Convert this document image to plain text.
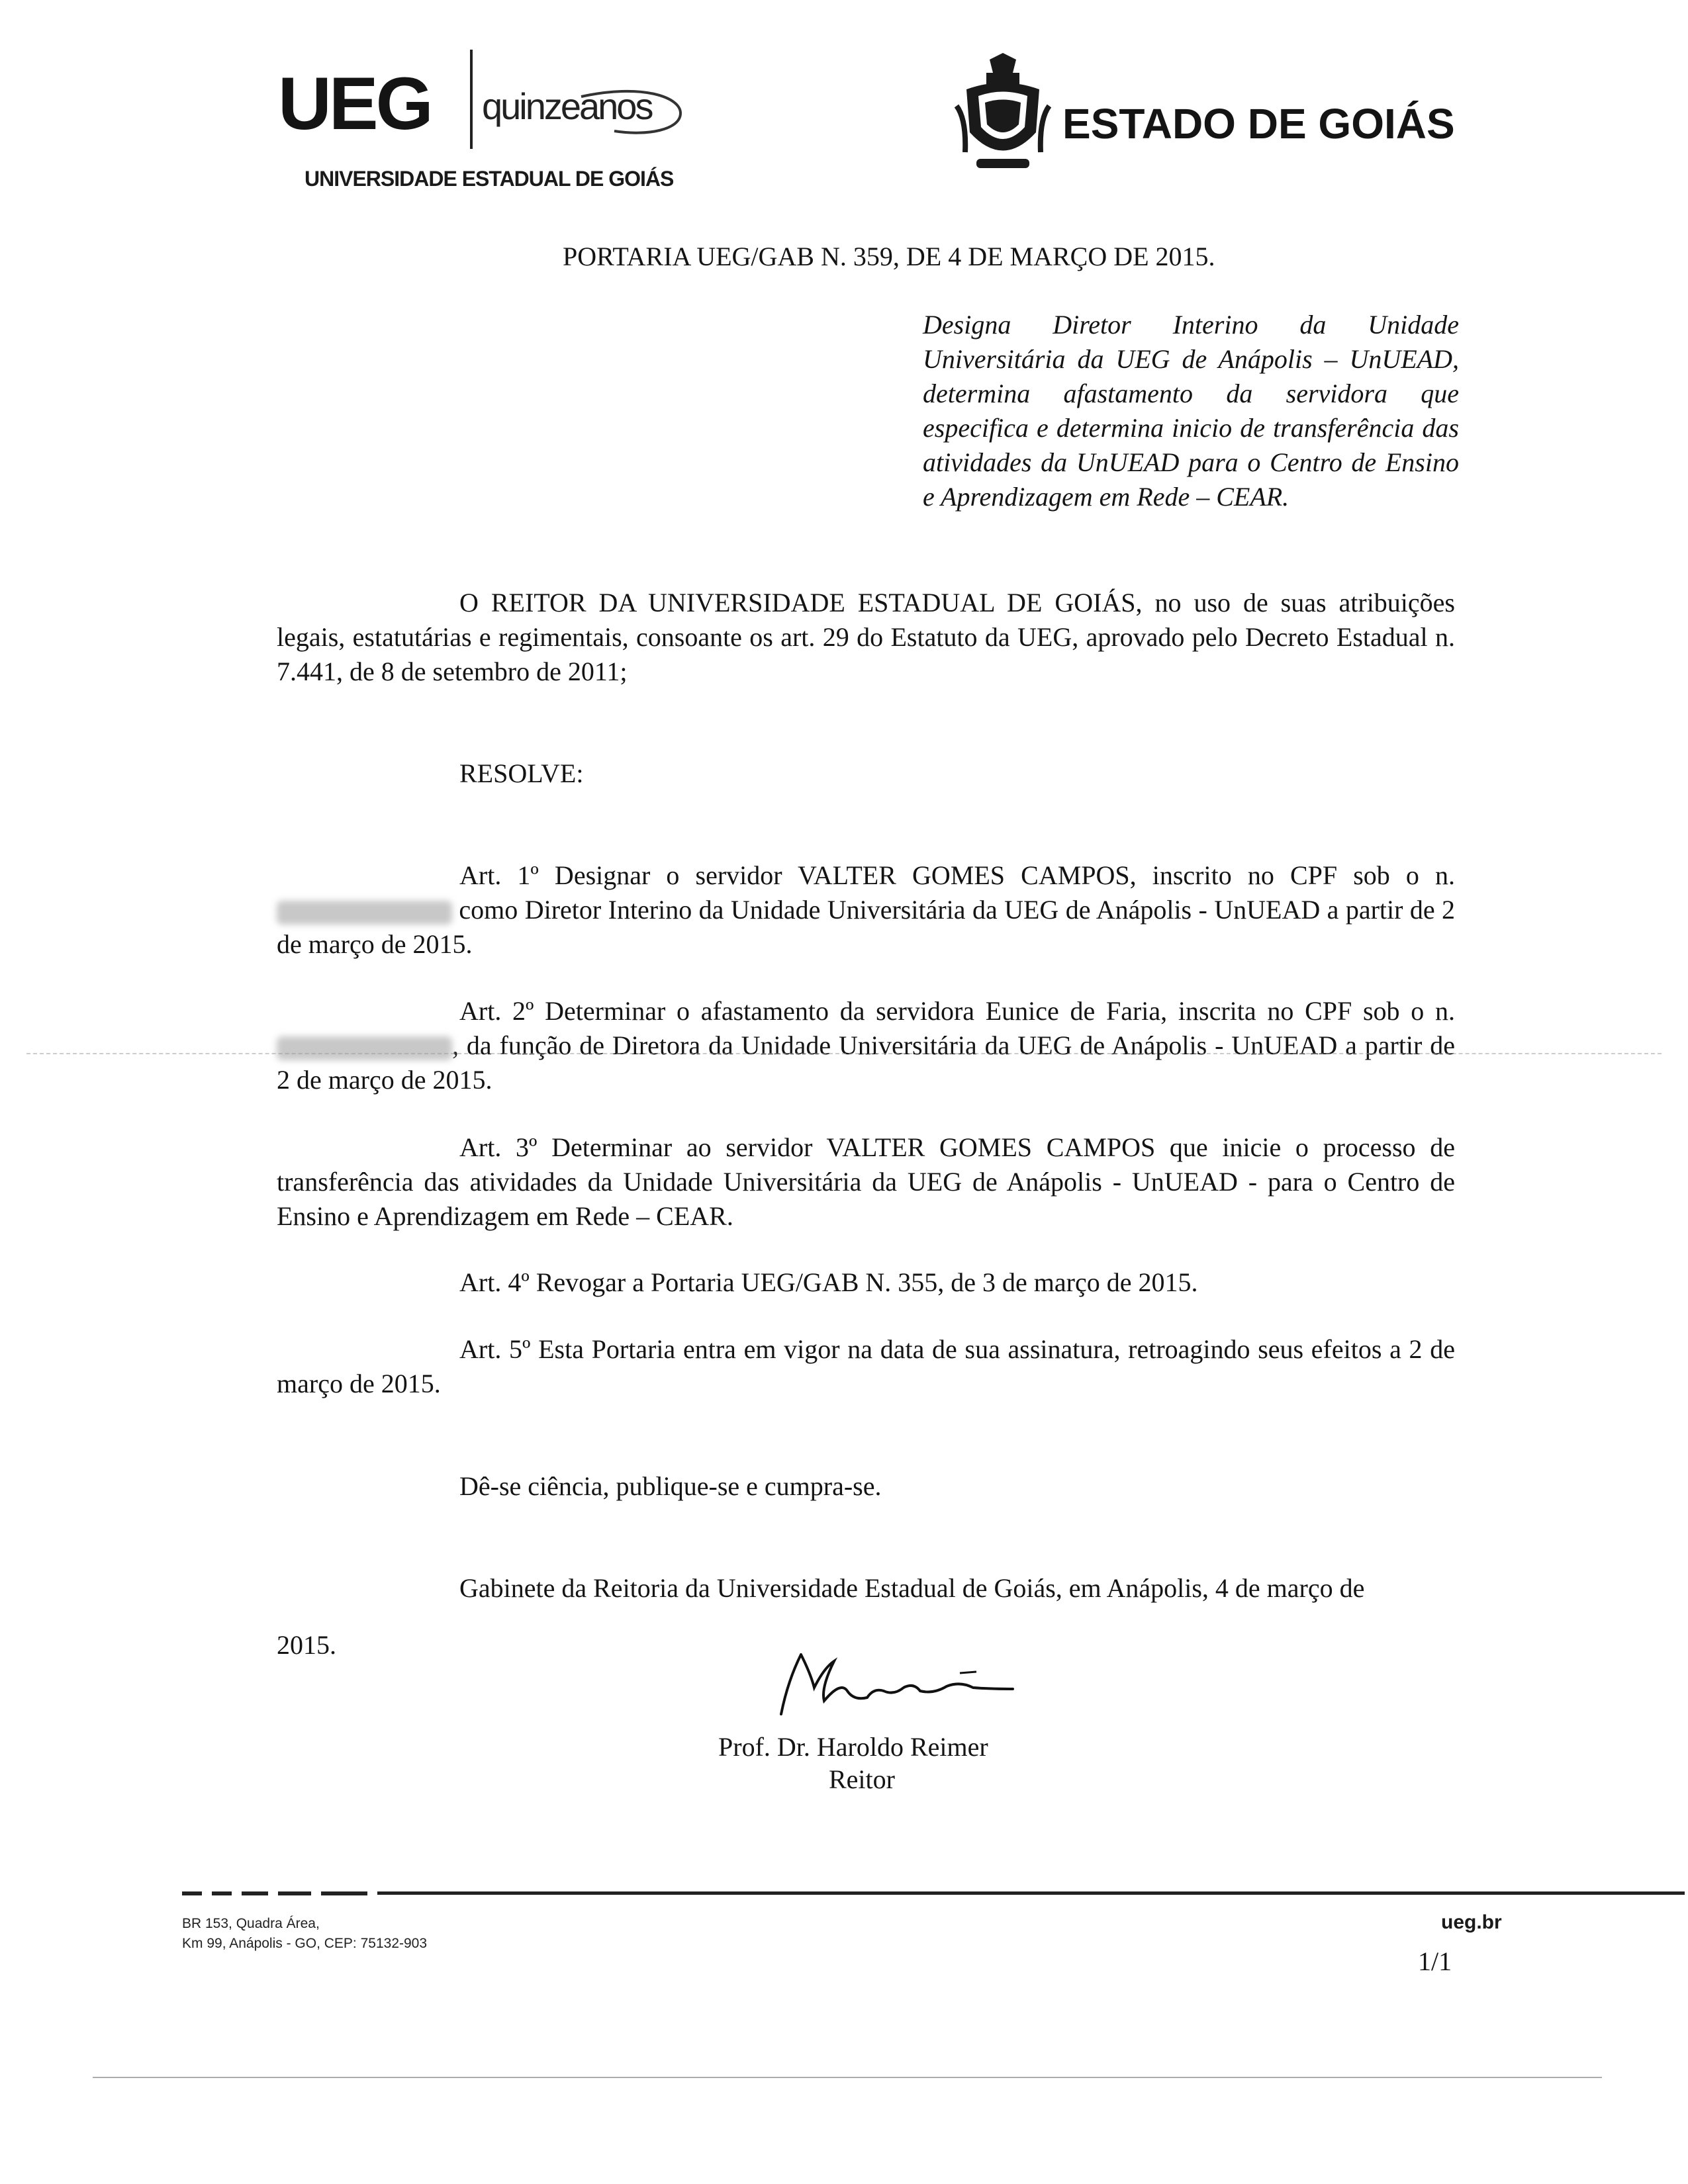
UEG quinzeanos
UNIVERSIDADE ESTADUAL DE GOIÁS
ESTADO DE GOIÁS
PORTARIA UEG/GAB N. 359, DE 4 DE MARÇO DE 2015.
Designa Diretor Interino da Unidade Universitária da UEG de Anápolis – UnUEAD, determina afastamento da servidora que especifica e determina inicio de transferência das atividades da UnUEAD para o Centro de Ensino e Aprendizagem em Rede – CEAR.
O REITOR DA UNIVERSIDADE ESTADUAL DE GOIÁS, no uso de suas atribuições legais, estatutárias e regimentais, consoante os art. 29 do Estatuto da UEG, aprovado pelo Decreto Estadual n. 7.441, de 8 de setembro de 2011;
RESOLVE:
Art. 1º Designar o servidor VALTER GOMES CAMPOS, inscrito no CPF sob o n.  como Diretor Interino da Unidade Universitária da UEG de Anápolis - UnUEAD a partir de 2 de março de 2015.
Art. 2º Determinar o afastamento da servidora Eunice de Faria, inscrita no CPF sob o n. , da função de Diretora da Unidade Universitária da UEG de Anápolis - UnUEAD a partir de 2 de março de 2015.
Art. 3º Determinar ao servidor VALTER GOMES CAMPOS que inicie o processo de transferência das atividades da Unidade Universitária da UEG de Anápolis - UnUEAD - para o Centro de Ensino e Aprendizagem em Rede – CEAR.
Art. 4º Revogar a Portaria UEG/GAB N. 355, de 3 de março de 2015.
Art. 5º Esta Portaria entra em vigor na data de sua assinatura, retroagindo seus efeitos a 2 de março de 2015.
Dê-se ciência, publique-se e cumpra-se.
Gabinete da Reitoria da Universidade Estadual de Goiás, em Anápolis, 4 de março de
2015.
Prof. Dr. Haroldo Reimer
Reitor
BR 153, Quadra Área,
Km 99, Anápolis - GO, CEP: 75132-903
ueg.br
1/1
